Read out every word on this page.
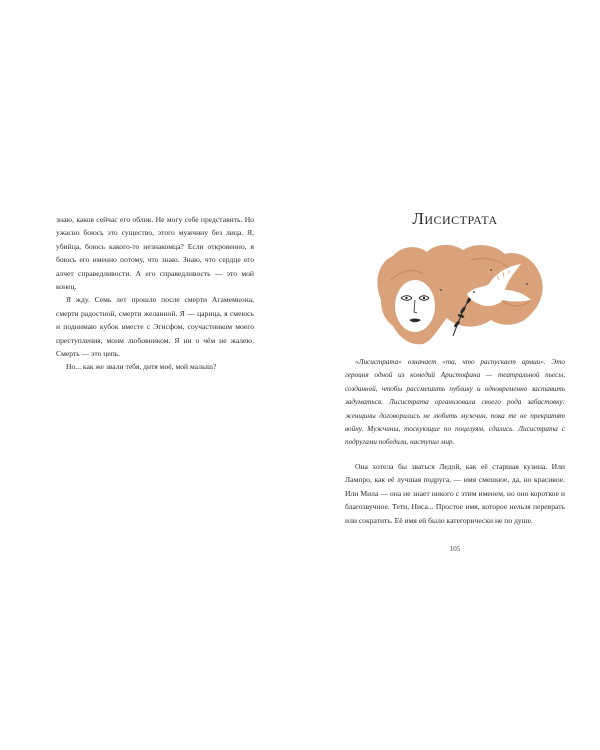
знаю, каков сейчас его облик. Не могу себе представить. Но ужасно боюсь это существо, этого мужчину без лица. Я, убийца, боюсь какого-то незнакомца? Если откровенно, я боюсь его именно потому, что знаю. Знаю, что сердце его алчет справедливости. А его справедливость — это мой конец.

Я жду. Семь лет прошло после смерти Агамемнона, смерти радостной, смерти желанной. Я — царица, я смеюсь и поднимаю кубок вместе с Эгисфом, соучастником моего преступления, моим любовником. Я ни о чём не жалею. Смерть — это цепь.

Но... как же звали тебя, дитя моё, мой малыш?

Лисистрата

«Лисистрата» означает «та, что распускает армии». Это героиня одной из комедий Аристофана — театральной пьесы, созданной, чтобы рассмешить публику и одновременно заставить задуматься. Лисистрата организовала своего рода забастовку: женщины договорились не любить мужчин, пока те не прекратят войну. Мужчины, тоскующие по поцелуям, сдались. Лисистрата с подругами победили, наступил мир.

Она хотела бы зваться Ледой, как её старшая кузина. Или Лампро, как её лучшая подруга, — имя смешное, да, но красивое. Или Мила — она не знает никого с этим именем, но оно короткое и благозвучное. Тети, Ниса... Простое имя, которое нельзя переврать или сократить. Её имя ей было категорически не по душе.

105
